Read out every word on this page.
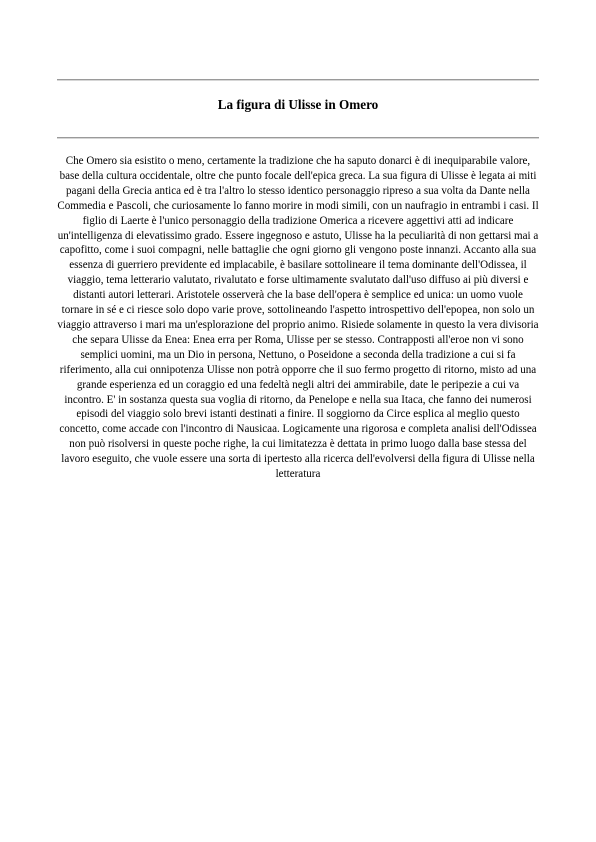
La figura di Ulisse in Omero

Che Omero sia esistito o meno, certamente la tradizione che ha saputo donarci è di inequiparabile valore, base della cultura occidentale, oltre che punto focale dell'epica greca. La sua figura di Ulisse è legata ai miti pagani della Grecia antica ed è tra l'altro lo stesso identico personaggio ripreso a sua volta da Dante nella Commedia e Pascoli, che curiosamente lo fanno morire in modi simili, con un naufragio in entrambi i casi. Il figlio di Laerte è l'unico personaggio della tradizione Omerica a ricevere aggettivi atti ad indicare un'intelligenza di elevatissimo grado. Essere ingegnoso e astuto, Ulisse ha la peculiarità di non gettarsi mai a capofitto, come i suoi compagni, nelle battaglie che ogni giorno gli vengono poste innanzi. Accanto alla sua essenza di guerriero previdente ed implacabile, è basilare sottolineare il tema dominante dell'Odissea, il viaggio, tema letterario valutato, rivalutato e forse ultimamente svalutato dall'uso diffuso ai più diversi e distanti autori letterari. Aristotele osserverà che la base dell'opera è semplice ed unica: un uomo vuole tornare in sé e ci riesce solo dopo varie prove, sottolineando l'aspetto introspettivo dell'epopea, non solo un viaggio attraverso i mari ma un'esplorazione del proprio animo. Risiede solamente in questo la vera divisoria che separa Ulisse da Enea: Enea erra per Roma, Ulisse per se stesso. Contrapposti all'eroe non vi sono semplici uomini, ma un Dio in persona, Nettuno, o Poseidone a seconda della tradizione a cui si fa riferimento, alla cui onnipotenza Ulisse non potrà opporre che il suo fermo progetto di ritorno, misto ad una grande esperienza ed un coraggio ed una fedeltà negli altri dei ammirabile, date le peripezie a cui va incontro. E' in sostanza questa sua voglia di ritorno, da Penelope e nella sua Itaca, che fanno dei numerosi episodi del viaggio solo brevi istanti destinati a finire. Il soggiorno da Circe esplica al meglio questo concetto, come accade con l'incontro di Nausicaa. Logicamente una rigorosa e completa analisi dell'Odissea non può risolversi in queste poche righe, la cui limitatezza è dettata in primo luogo dalla base stessa del lavoro eseguito, che vuole essere una sorta di ipertesto alla ricerca dell'evolversi della figura di Ulisse nella letteratura
